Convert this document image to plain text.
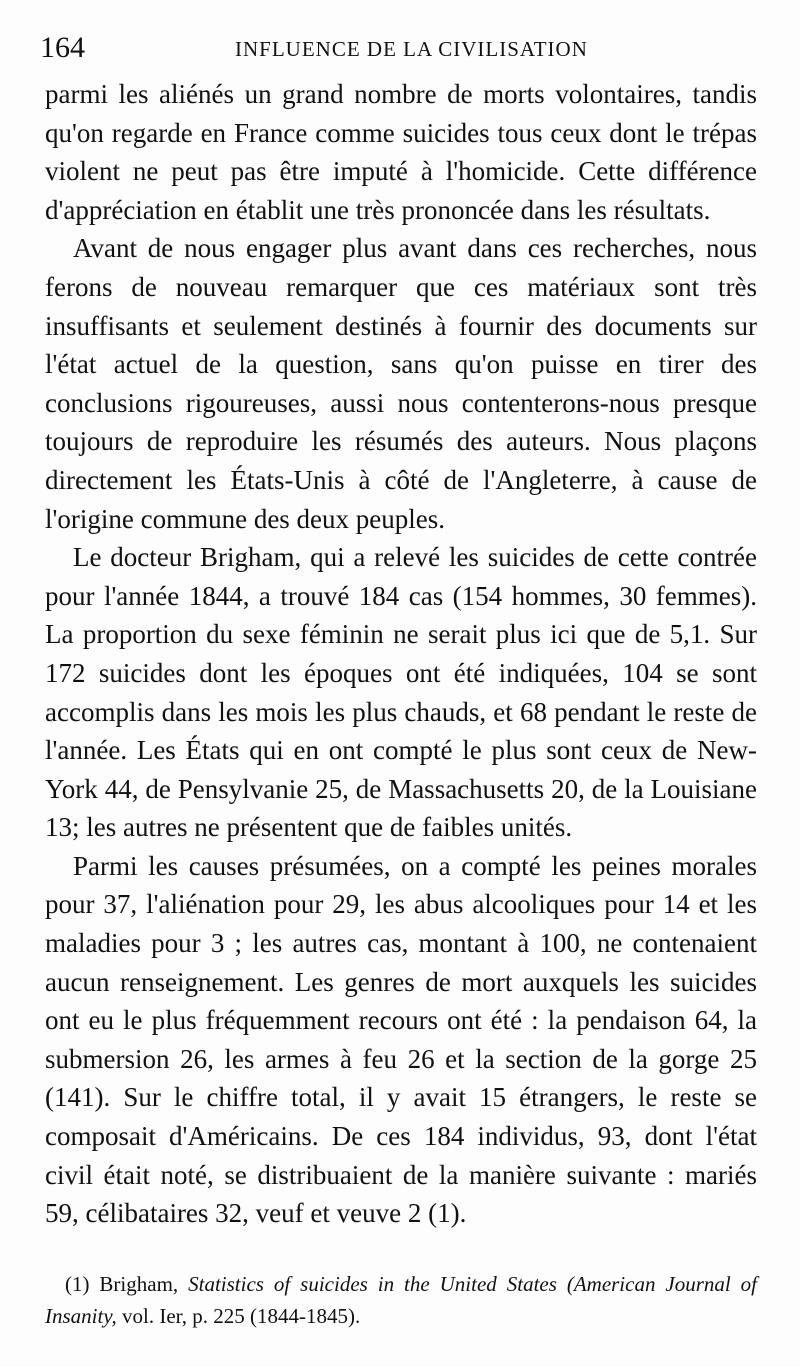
164	INFLUENCE DE LA CIVILISATION

parmi les aliénés un grand nombre de morts volontaires, tandis qu'on regarde en France comme suicides tous ceux dont le trépas violent ne peut pas être imputé à l'homicide. Cette différence d'appréciation en établit une très prononcée dans les résultats.

Avant de nous engager plus avant dans ces recherches, nous ferons de nouveau remarquer que ces matériaux sont très insuffisants et seulement destinés à fournir des documents sur l'état actuel de la question, sans qu'on puisse en tirer des conclusions rigoureuses, aussi nous contenterons-nous presque toujours de reproduire les résumés des auteurs. Nous plaçons directement les États-Unis à côté de l'Angleterre, à cause de l'origine commune des deux peuples.

Le docteur Brigham, qui a relevé les suicides de cette contrée pour l'année 1844, a trouvé 184 cas (154 hommes, 30 femmes). La proportion du sexe féminin ne serait plus ici que de 5,1. Sur 172 suicides dont les époques ont été indiquées, 104 se sont accomplis dans les mois les plus chauds, et 68 pendant le reste de l'année. Les États qui en ont compté le plus sont ceux de New-York 44, de Pensylvanie 25, de Massachusetts 20, de la Louisiane 13; les autres ne présentent que de faibles unités.

Parmi les causes présumées, on a compté les peines morales pour 37, l'aliénation pour 29, les abus alcooliques pour 14 et les maladies pour 3 ; les autres cas, montant à 100, ne contenaient aucun renseignement. Les genres de mort auxquels les suicides ont eu le plus fréquemment recours ont été : la pendaison 64, la submersion 26, les armes à feu 26 et la section de la gorge 25 (141). Sur le chiffre total, il y avait 15 étrangers, le reste se composait d'Américains. De ces 184 individus, 93, dont l'état civil était noté, se distribuaient de la manière suivante : mariés 59, célibataires 32, veuf et veuve 2 (1).

(1) Brigham, Statistics of suicides in the United States (American Journal of Insanity, vol. Ier, p. 225 (1844-1845).
